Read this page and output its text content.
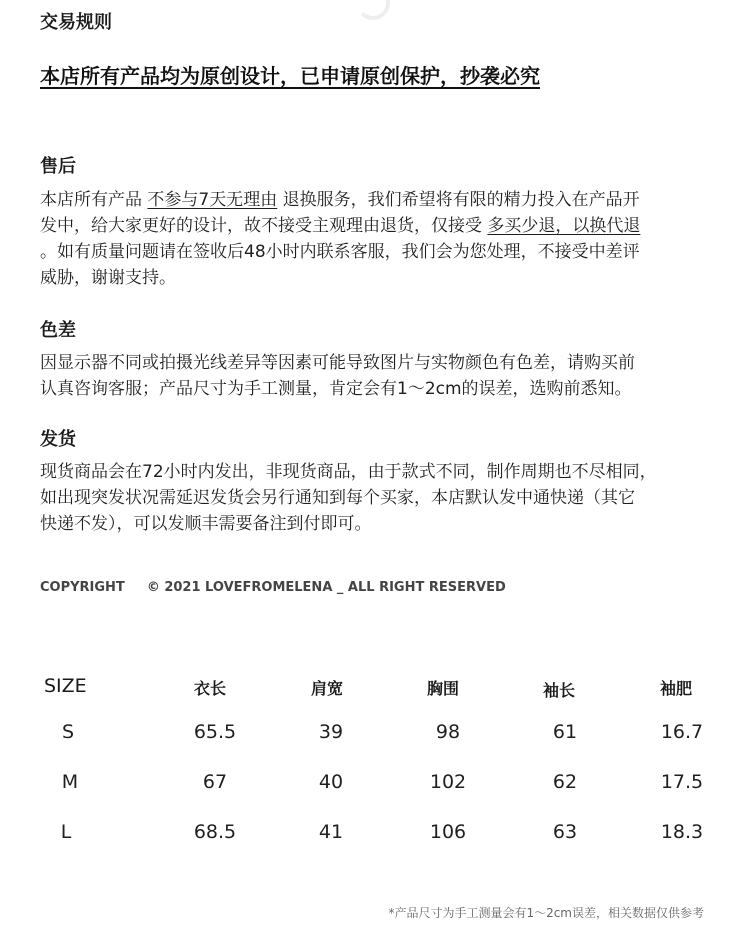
交易规则
本店所有产品均为原创设计，已申请原创保护，抄袭必究
售后
本店所有产品 不参与7天无理由 退换服务，我们希望将有限的精力投入在产品开
发中，给大家更好的设计，故不接受主观理由退货，仅接受 多买少退，以换代退
。如有质量问题请在签收后48小时内联系客服，我们会为您处理，不接受中差评
威胁，谢谢支持。
色差
因显示器不同或拍摄光线差异等因素可能导致图片与实物颜色有色差，请购买前
认真咨询客服；产品尺寸为手工测量，肯定会有1～2cm的误差，选购前悉知。
发货
现货商品会在72小时内发出，非现货商品，由于款式不同，制作周期也不尽相同，
如出现突发状况需延迟发货会另行通知到每个买家，本店默认发中通快递（其它
快递不发），可以发顺丰需要备注到付即可。
COPYRIGHT © 2021 LOVEFROMELENA _ ALL RIGHT RESERVED
SIZE	衣长	肩宽	胸围	袖长	袖肥
S	65.5	39	98	61	16.7
M	67	40	102	62	17.5
L	68.5	41	106	63	18.3
*产品尺寸为手工测量会有1～2cm误差，相关数据仅供参考
